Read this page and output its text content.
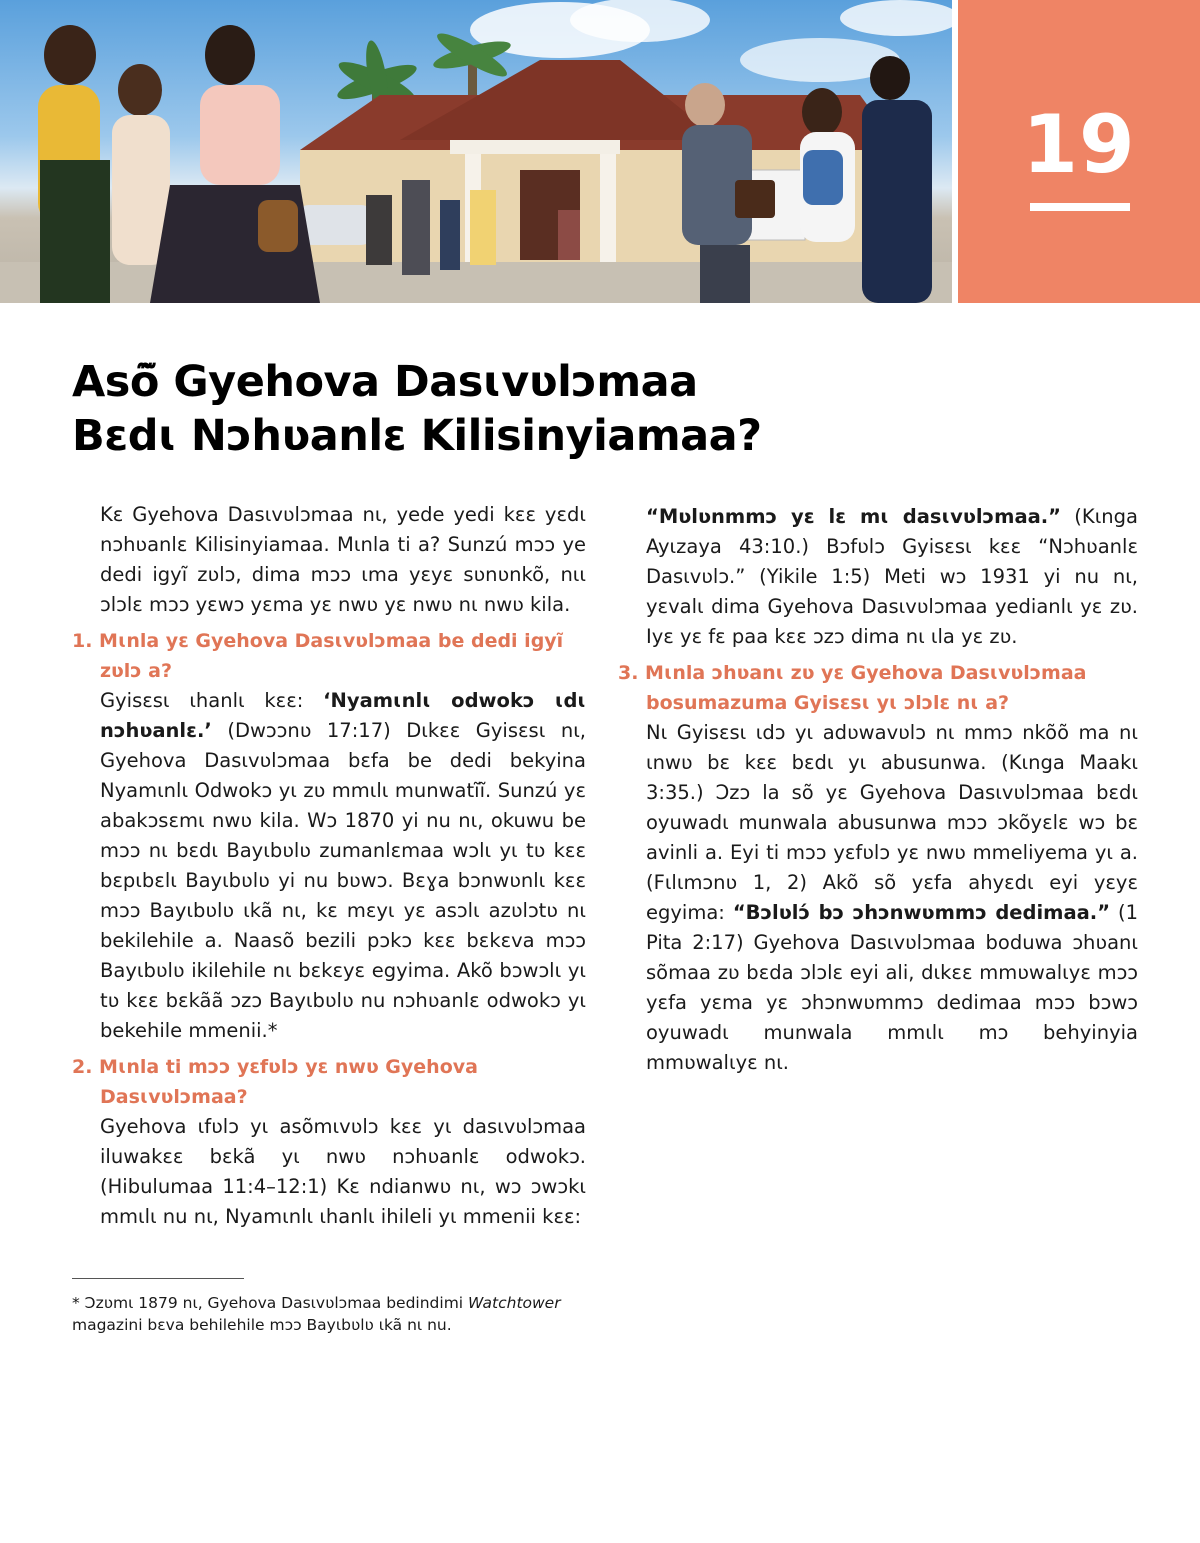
19
Asõ̃ Gyehova Dasɩvʋlɔmaa
Bɛdɩ Nɔhʋanlɛ Kilisinyiamaa?

Kɛ Gyehova Dasɩvʋlɔmaa nɩ, yede yedi kɛɛ yɛdɩ nɔhʋanlɛ Kilisinyiamaa. Mɩnla ti a? Sunzú mɔɔ ye dedi igyĩ zʋlɔ, dima mɔɔ ɩma yɛyɛ sʋnʋnkõ, nɩɩ ɔlɔlɛ mɔɔ yɛwɔ yɛma yɛ nwʋ yɛ nwʋ nɩ nwʋ kila.

1. Mɩnla yɛ Gyehova Dasɩvʋlɔmaa be dedi igyĩ zʋlɔ a?

Gyisɛsɩ ɩhanlɩ kɛɛ: ‘Nyamɩnlɩ odwokɔ ɩdɩ nɔhʋanlɛ.’ (Dwɔɔnʋ 17:17) Dɩkɛɛ Gyisɛsɩ nɩ, Gyehova Dasɩvʋlɔmaa bɛfa be dedi bekyina Nyamɩnlɩ Odwokɔ yɩ zʋ mmɩlɩ munwatĩĩ. Sunzú yɛ abakɔsɛmɩ nwʋ kila. Wɔ 1870 yi nu nɩ, okuwu be mɔɔ nɩ bɛdɩ Bayɩbʋlʋ zumanlɛmaa wɔlɩ yɩ tʋ kɛɛ bɛpɩbɛlɩ Bayɩbʋlʋ yi nu bʋwɔ. Bɛɣa bɔnwʋnlɩ kɛɛ mɔɔ Bayɩbʋlʋ ɩkã nɩ, kɛ mɛyɩ yɛ asɔlɩ azʋlɔtʋ nɩ bekilehile a. Naasõ bezili pɔkɔ kɛɛ bɛkɛva mɔɔ Bayɩbʋlʋ ikilehile nɩ bɛkɛyɛ egyima. Akõ bɔwɔlɩ yɩ tʋ kɛɛ bɛkãã ɔzɔ Bayɩbʋlʋ nu nɔhʋanlɛ odwokɔ yɩ bekehile mmenii.*

2. Mɩnla ti mɔɔ yɛfʋlɔ yɛ nwʋ Gyehova Dasɩvʋlɔmaa?

Gyehova ɩfʋlɔ yɩ asõmɩvʋlɔ kɛɛ yɩ dasɩvʋlɔmaa iluwakɛɛ bɛkã yɩ nwʋ nɔhʋanlɛ odwokɔ. (Hibulumaa 11:4–12:1) Kɛ ndianwʋ nɩ, wɔ ɔwɔkɩ mmɩlɩ nu nɩ, Nyamɩnlɩ ɩhanlɩ ihileli yɩ mmenii kɛɛ:

* Ɔzʋmɩ 1879 nɩ, Gyehova Dasɩvʋlɔmaa bedindimi Watchtower magazini bɛva behilehile mɔɔ Bayɩbʋlʋ ɩkã nɩ nu.

“Mʋlʋnmmɔ yɛ lɛ mɩ dasɩvʋlɔmaa.” (Kɩnga Ayɩzaya 43:10.) Bɔfʋlɔ Gyisɛsɩ kɛɛ “Nɔhʋanlɛ Dasɩvʋlɔ.” (Yikile 1:5) Meti wɔ 1931 yi nu nɩ, yɛvalɩ dima Gyehova Dasɩvʋlɔmaa yedianlɩ yɛ zʋ. Iyɛ yɛ fɛ paa kɛɛ ɔzɔ dima nɩ ɩla yɛ zʋ.

3. Mɩnla ɔhʋanɩ zʋ yɛ Gyehova Dasɩvʋlɔmaa bosumazuma Gyisɛsɩ yɩ ɔlɔlɛ nɩ a?

Nɩ Gyisɛsɩ ɩdɔ yɩ adʋwavʋlɔ nɩ mmɔ nkõõ ma nɩ ɩnwʋ bɛ kɛɛ bɛdɩ yɩ abusunwa. (Kɩnga Maakɩ 3:35.) Ɔzɔ la sõ yɛ Gyehova Dasɩvʋlɔmaa bɛdɩ oyuwadɩ munwala abusunwa mɔɔ ɔkõyɛlɛ wɔ bɛ avinli a. Eyi ti mɔɔ yɛfʋlɔ yɛ nwʋ mmeliyema yɩ a. (Fɩlɩmɔnʋ 1, 2) Akõ sõ yɛfa ahyɛdɩ eyi yɛyɛ egyima: “Bɔlʋlɔ́ bɔ ɔhɔnwʋmmɔ dedimaa.” (1 Pita 2:17) Gyehova Dasɩvʋlɔmaa boduwa ɔhʋanɩ sõmaa zʋ bɛda ɔlɔlɛ eyi ali, dɩkɛɛ mmʋwalɩyɛ mɔɔ yɛfa yɛma yɛ ɔhɔnwʋmmɔ dedimaa mɔɔ bɔwɔ oyuwadɩ munwala mmɩlɩ mɔ behyinyia mmʋwalɩyɛ nɩ.
